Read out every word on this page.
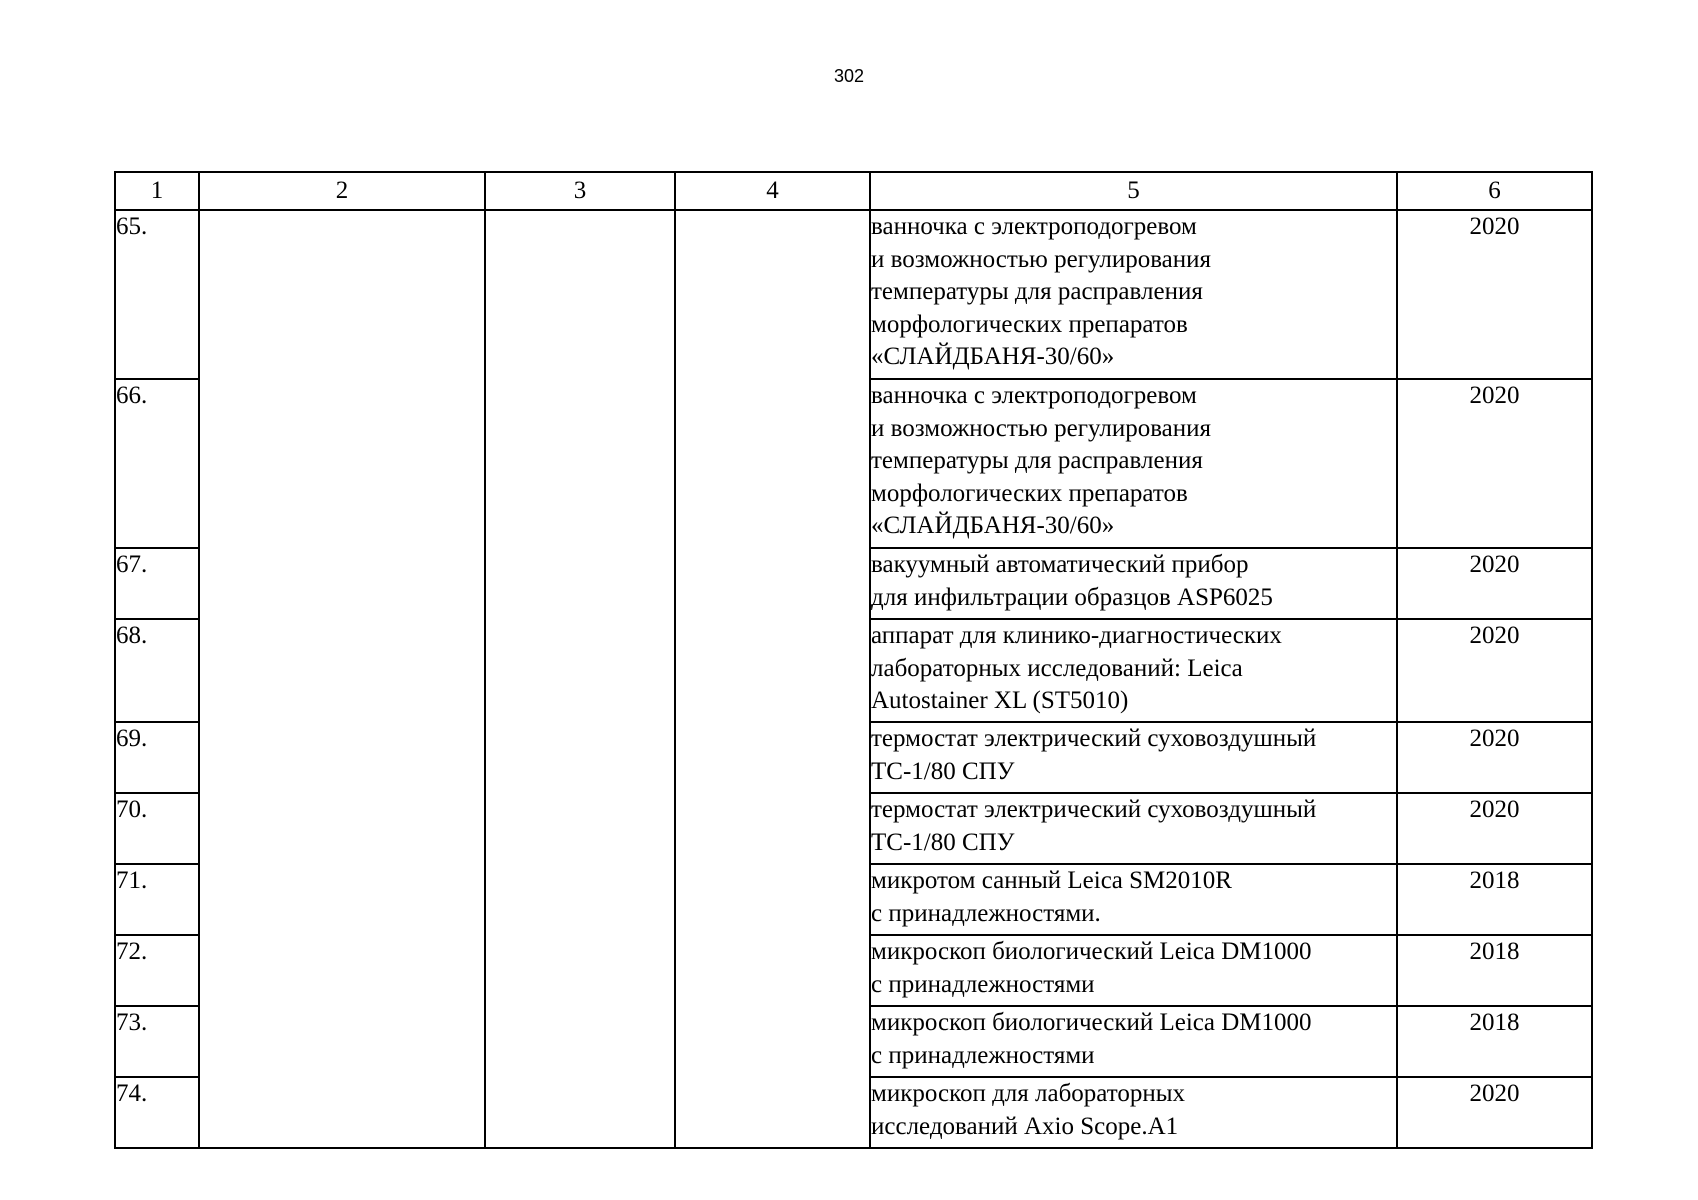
302
1	2	3	4	5	6
65.				ванночка с электроподогревом
и возможностью регулирования
температуры для расправления
морфологических препаратов
«СЛАЙДБАНЯ-30/60»	2020
66.				ванночка с электроподогревом
и возможностью регулирования
температуры для расправления
морфологических препаратов
«СЛАЙДБАНЯ-30/60»	2020
67.				вакуумный автоматический прибор
для инфильтрации образцов ASP6025	2020
68.				аппарат для клинико-диагностических
лабораторных исследований: Leica
Autostainer XL (ST5010)	2020
69.				термостат электрический суховоздушный
ТС-1/80 СПУ	2020
70.				термостат электрический суховоздушный
ТС-1/80 СПУ	2020
71.				микротом санный Leica SM2010R
с принадлежностями.	2018
72.				микроскоп биологический Leica DM1000
с принадлежностями	2018
73.				микроскоп биологический Leica DM1000
с принадлежностями	2018
74.				микроскоп для лабораторных
исследований Axio Scope.A1	2020
